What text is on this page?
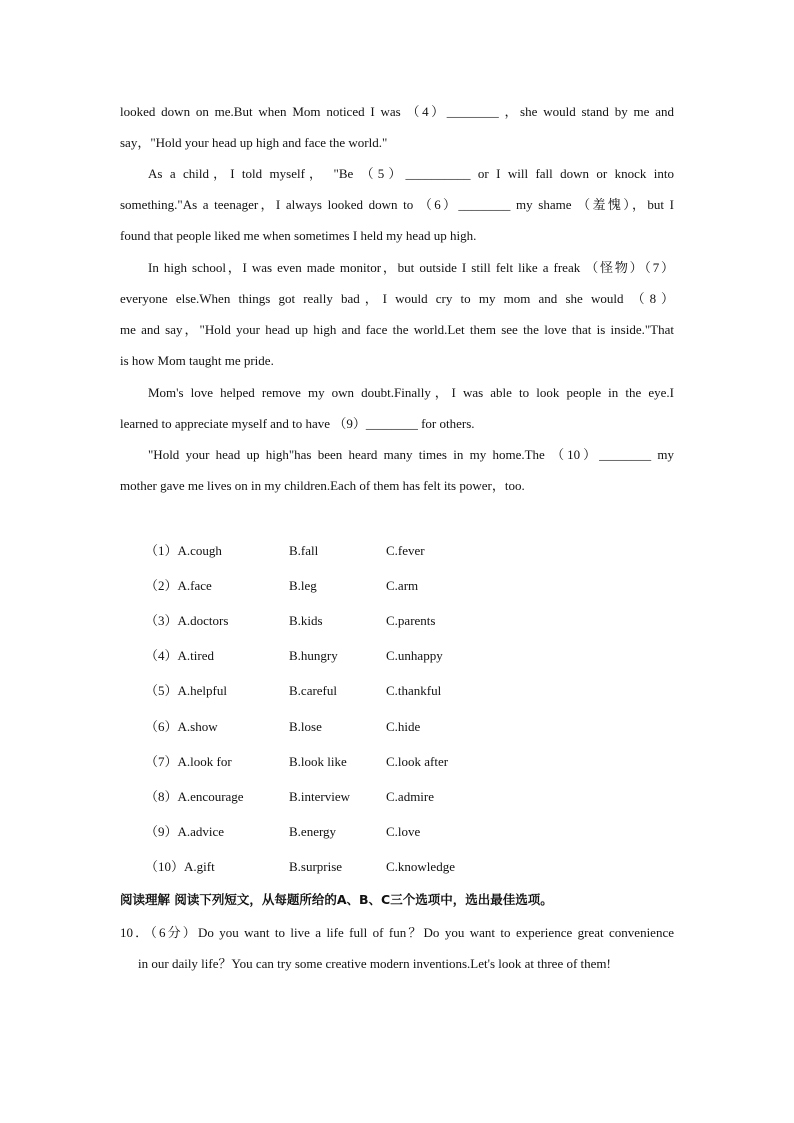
looked down on me.But when Mom noticed I was （4）________ ，she would stand by me and
say，"Hold your head up high and face the world."
As a child，I told myself， "Be （5）__________ or I will fall down or knock into
something."As a teenager，I always looked down to （6）________ my shame （羞愧），but I
found that people liked me when sometimes I held my head up high.
In high school，I was even made monitor，but outside I still felt like a freak （怪物）（7）
everyone else.When things got really bad，I would cry to my mom and she would （8）
me and say，"Hold your head up high and face the world.Let them see the love that is inside."That
is how Mom taught me pride.
Mom's love helped remove my own doubt.Finally，I was able to look people in the eye.I
learned to appreciate myself and to have （9）________ for others.
"Hold your head up high"has been heard many times in my home.The （10）________ my
mother gave me lives on in my children.Each of them has felt its power，too.
（1）A.cough	B.fall	C.fever
（2）A.face	B.leg	C.arm
（3）A.doctors	B.kids	C.parents
（4）A.tired	B.hungry	C.unhappy
（5）A.helpful	B.careful	C.thankful
（6）A.show	B.lose	C.hide
（7）A.look for	B.look like	C.look after
（8）A.encourage	B.interview	C.admire
（9）A.advice	B.energy	C.love
（10）A.gift	B.surprise	C.knowledge
阅读理解 阅读下列短文，从每题所给的A、B、C三个选项中，选出最佳选项。
10．（6分）Do you want to live a life full of fun？Do you want to experience great convenience
in our daily life？You can try some creative modern inventions.Let's look at three of them!
